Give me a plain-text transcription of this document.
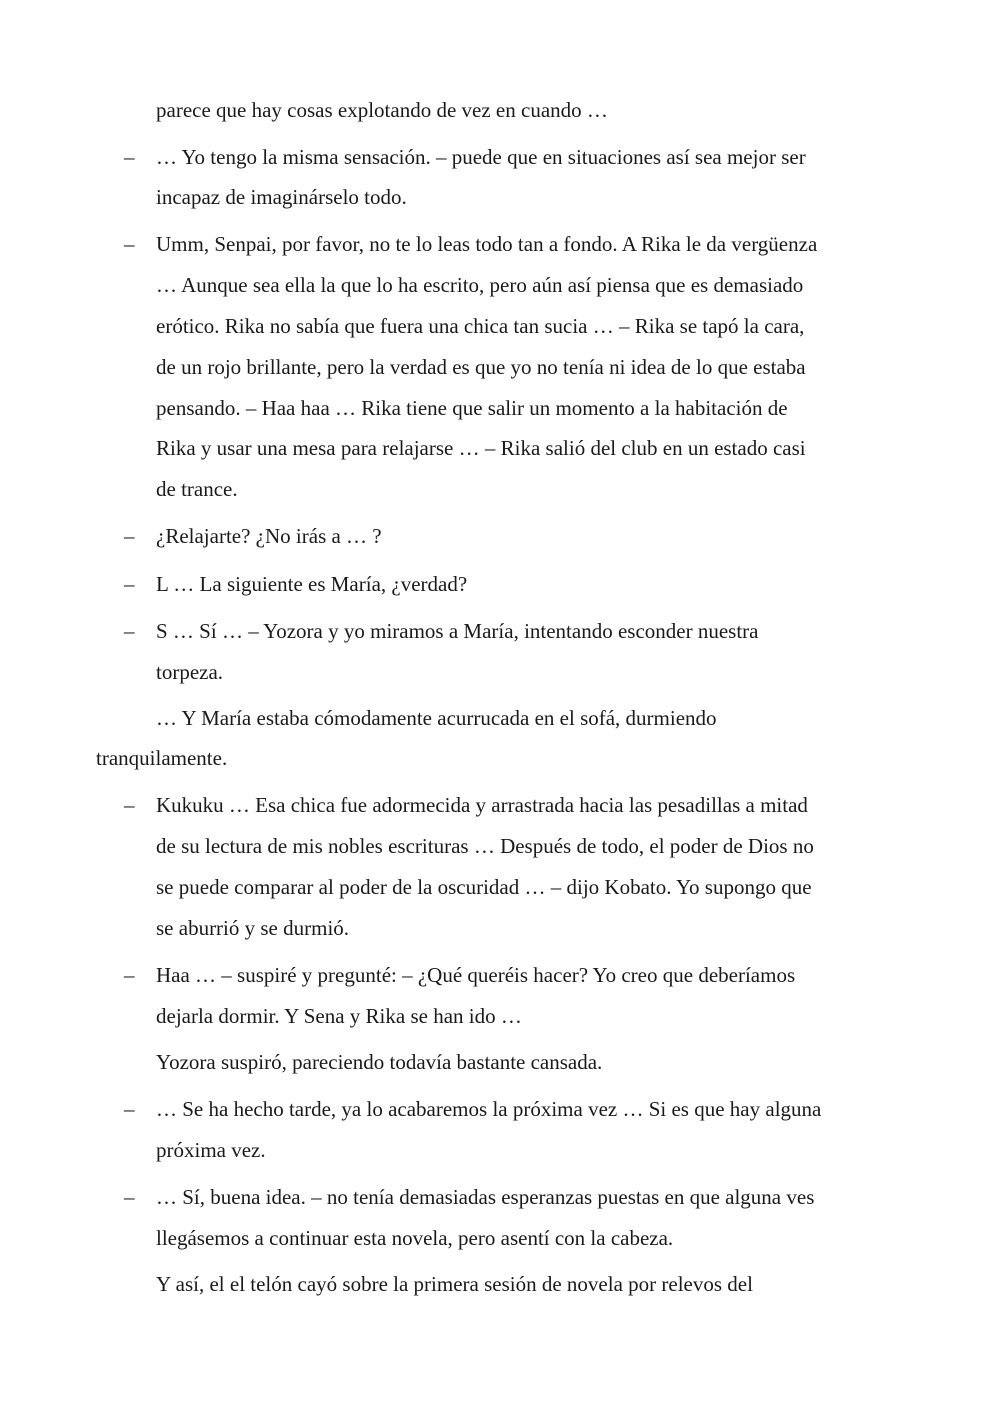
parece que hay cosas explotando de vez en cuando …
– … Yo tengo la misma sensación. – puede que en situaciones así sea mejor ser
incapaz de imaginárselo todo.
– Umm, Senpai, por favor, no te lo leas todo tan a fondo. A Rika le da vergüenza
… Aunque sea ella la que lo ha escrito, pero aún así piensa que es demasiado
erótico. Rika no sabía que fuera una chica tan sucia … – Rika se tapó la cara,
de un rojo brillante, pero la verdad es que yo no tenía ni idea de lo que estaba
pensando. – Haa haa … Rika tiene que salir un momento a la habitación de
Rika y usar una mesa para relajarse … – Rika salió del club en un estado casi
de trance.
– ¿Relajarte? ¿No irás a … ?
– L … La siguiente es María, ¿verdad?
– S … Sí … – Yozora y yo miramos a María, intentando esconder nuestra
torpeza.
… Y María estaba cómodamente acurrucada en el sofá, durmiendo
tranquilamente.
– Kukuku … Esa chica fue adormecida y arrastrada hacia las pesadillas a mitad
de su lectura de mis nobles escrituras … Después de todo, el poder de Dios no
se puede comparar al poder de la oscuridad … – dijo Kobato. Yo supongo que
se aburrió y se durmió.
– Haa … – suspiré y pregunté: – ¿Qué queréis hacer? Yo creo que deberíamos
dejarla dormir. Y Sena y Rika se han ido …
Yozora suspiró, pareciendo todavía bastante cansada.
– … Se ha hecho tarde, ya lo acabaremos la próxima vez … Si es que hay alguna
próxima vez.
– … Sí, buena idea. – no tenía demasiadas esperanzas puestas en que alguna ves
llegásemos a continuar esta novela, pero asentí con la cabeza.
Y así, el el telón cayó sobre la primera sesión de novela por relevos del
